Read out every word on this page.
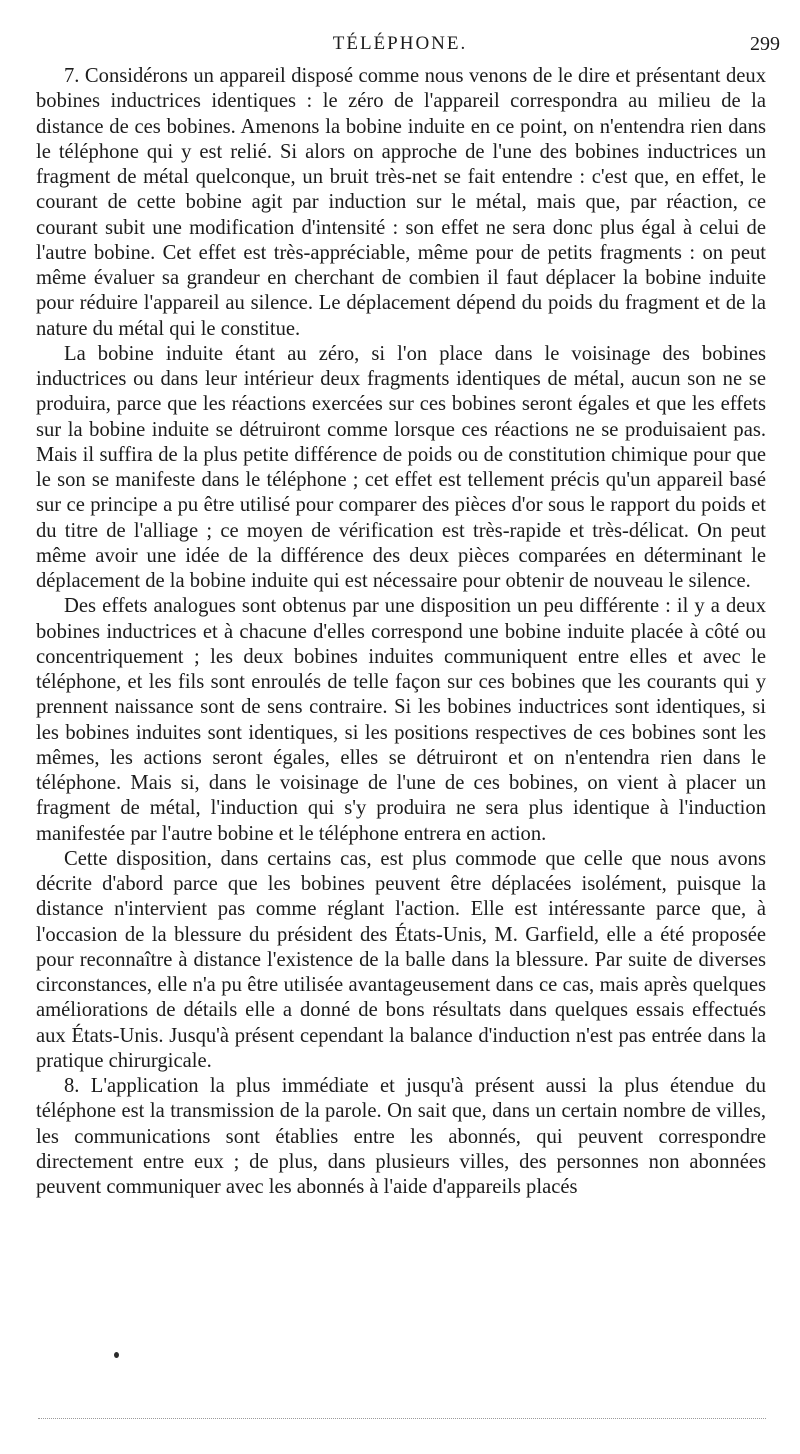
TÉLÉPHONE.	299

7. Considérons un appareil disposé comme nous venons de le dire et présentant deux bobines inductrices identiques : le zéro de l'appareil correspondra au milieu de la distance de ces bobines. Amenons la bobine induite en ce point, on n'entendra rien dans le téléphone qui y est relié. Si alors on approche de l'une des bobines inductrices un fragment de métal quelconque, un bruit très-net se fait entendre : c'est que, en effet, le courant de cette bobine agit par induction sur le métal, mais que, par réaction, ce courant subit une modification d'intensité : son effet ne sera donc plus égal à celui de l'autre bobine. Cet effet est très-appréciable, même pour de petits fragments : on peut même évaluer sa grandeur en cherchant de combien il faut déplacer la bobine induite pour réduire l'appareil au silence. Le déplacement dépend du poids du fragment et de la nature du métal qui le constitue.

La bobine induite étant au zéro, si l'on place dans le voisinage des bobines inductrices ou dans leur intérieur deux fragments identiques de métal, aucun son ne se produira, parce que les réactions exercées sur ces bobines seront égales et que les effets sur la bobine induite se détruiront comme lorsque ces réactions ne se produisaient pas. Mais il suffira de la plus petite différence de poids ou de constitution chimique pour que le son se manifeste dans le téléphone ; cet effet est tellement précis qu'un appareil basé sur ce principe a pu être utilisé pour comparer des pièces d'or sous le rapport du poids et du titre de l'alliage ; ce moyen de vérification est très-rapide et très-délicat. On peut même avoir une idée de la différence des deux pièces comparées en déterminant le déplacement de la bobine induite qui est nécessaire pour obtenir de nouveau le silence.

Des effets analogues sont obtenus par une disposition un peu différente : il y a deux bobines inductrices et à chacune d'elles correspond une bobine induite placée à côté ou concentriquement ; les deux bobines induites communiquent entre elles et avec le téléphone, et les fils sont enroulés de telle façon sur ces bobines que les courants qui y prennent naissance sont de sens contraire. Si les bobines inductrices sont identiques, si les bobines induites sont identiques, si les positions respectives de ces bobines sont les mêmes, les actions seront égales, elles se détruiront et on n'entendra rien dans le téléphone. Mais si, dans le voisinage de l'une de ces bobines, on vient à placer un fragment de métal, l'induction qui s'y produira ne sera plus identique à l'induction manifestée par l'autre bobine et le téléphone entrera en action.

Cette disposition, dans certains cas, est plus commode que celle que nous avons décrite d'abord parce que les bobines peuvent être déplacées isolément, puisque la distance n'intervient pas comme réglant l'action. Elle est intéressante parce que, à l'occasion de la blessure du président des États-Unis, M. Garfield, elle a été proposée pour reconnaître à distance l'existence de la balle dans la blessure. Par suite de diverses circonstances, elle n'a pu être utilisée avantageusement dans ce cas, mais après quelques améliorations de détails elle a donné de bons résultats dans quelques essais effectués aux États-Unis. Jusqu'à présent cependant la balance d'induction n'est pas entrée dans la pratique chirurgicale.

8. L'application la plus immédiate et jusqu'à présent aussi la plus étendue du téléphone est la transmission de la parole. On sait que, dans un certain nombre de villes, les communications sont établies entre les abonnés, qui peuvent correspondre directement entre eux ; de plus, dans plusieurs villes, des personnes non abonnées peuvent communiquer avec les abonnés à l'aide d'appareils placés
